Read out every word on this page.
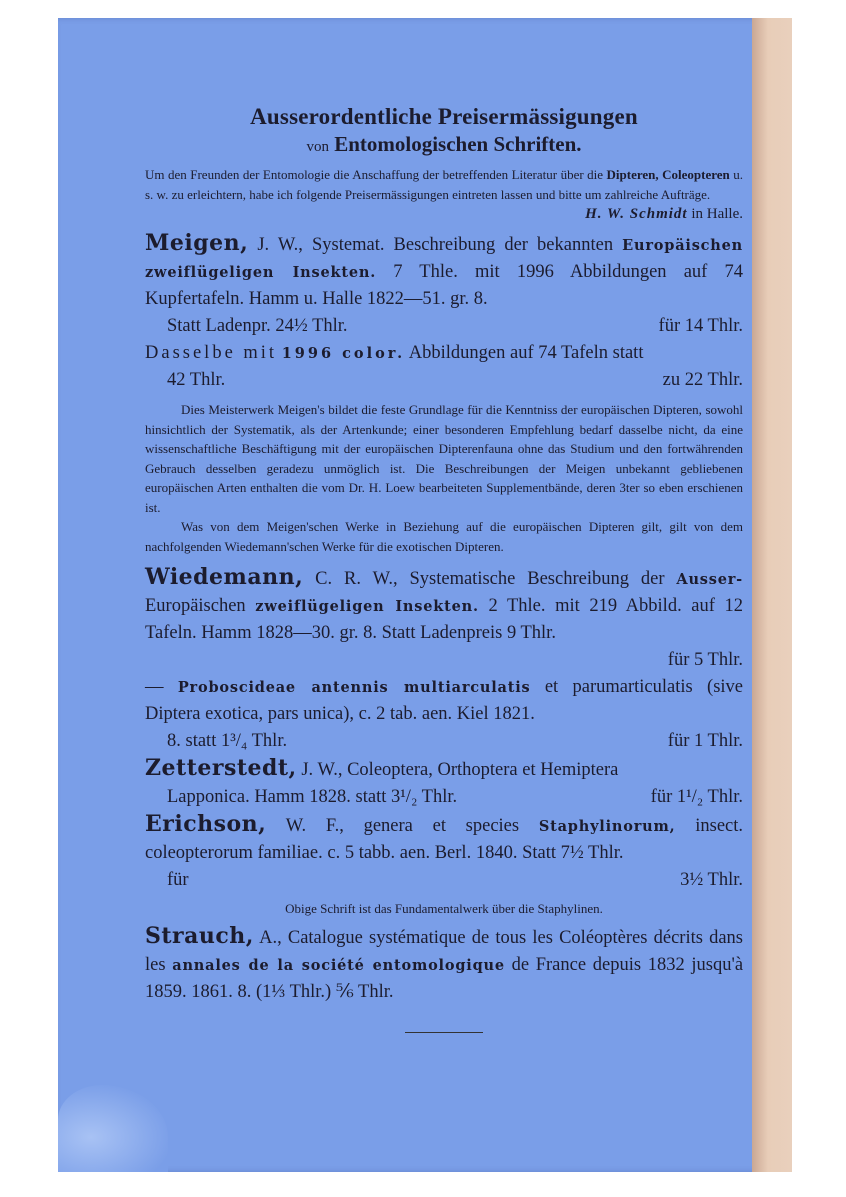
Ausserordentliche Preisermässigungen
von Entomologischen Schriften.
Um den Freunden der Entomologie die Anschaffung der betreffenden Literatur über die Dipteren, Coleopteren u. s. w. zu erleichtern, habe ich folgende Preisermässigungen eintreten lassen und bitte um zahlreiche Aufträge.
H. W. Schmidt in Halle.
Meigen, J. W., Systemat. Beschreibung der bekannten Europäischen zweiflügeligen Insekten. 7 Thle. mit 1996 Abbildungen auf 74 Kupfertafeln. Hamm u. Halle 1822—51. gr. 8.
Statt Ladenpr. 24½ Thlr.	für 14 Thlr.
Dasselbe mit 1996 color. Abbildungen auf 74 Tafeln statt
42 Thlr.	zu 22 Thlr.
Dies Meisterwerk Meigen's bildet die feste Grundlage für die Kenntniss der europäischen Dipteren, sowohl hinsichtlich der Systematik, als der Artenkunde; einer besonderen Empfehlung bedarf dasselbe nicht, da eine wissenschaftliche Beschäftigung mit der europäischen Dipterenfauna ohne das Studium und den fortwährenden Gebrauch desselben geradezu unmöglich ist. Die Beschreibungen der Meigen unbekannt gebliebenen europäischen Arten enthalten die vom Dr. H. Loew bearbeiteten Supplementbände, deren 3ter so eben erschienen ist.
Was von dem Meigen'schen Werke in Beziehung auf die europäischen Dipteren gilt, gilt von dem nachfolgenden Wiedemann'schen Werke für die exotischen Dipteren.
Wiedemann, C. R. W., Systematische Beschreibung der Ausser-Europäischen zweiflügeligen Insekten. 2 Thle. mit 219 Abbild. auf 12 Tafeln. Hamm 1828—30. gr. 8. Statt Ladenpreis 9 Thlr.
für 5 Thlr.
— Proboscideae antennis multiarculatis et parumarticulatis (sive Diptera exotica, pars unica), c. 2 tab. aen. Kiel 1821.
8. statt 1³/₄ Thlr.	für 1 Thlr.
Zetterstedt, J. W., Coleoptera, Orthoptera et Hemiptera
Lapponica. Hamm 1828. statt 3¹/₂ Thlr.	für 1¹/₂ Thlr.
Erichson, W. F., genera et species Staphylinorum, insect. coleopterorum familiae. c. 5 tabb. aen. Berl. 1840. Statt 7½ Thlr.
für	3½ Thlr.
Obige Schrift ist das Fundamentalwerk über die Staphylinen.
Strauch, A., Catalogue systématique de tous les Coléoptères décrits dans les annales de la société entomologique de France depuis 1832 jusqu'à 1859. 1861. 8. (1⅓ Thlr.) ⅚ Thlr.
